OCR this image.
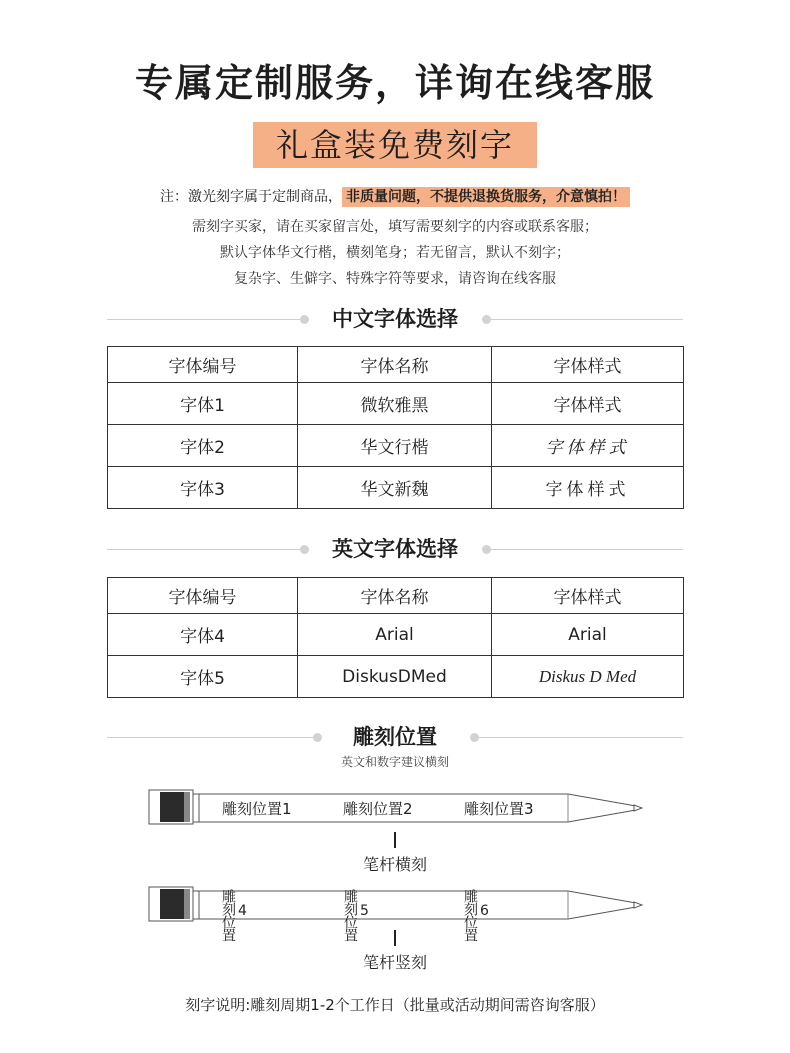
专属定制服务，详询在线客服
礼盒装免费刻字
注：激光刻字属于定制商品， 非质量问题，不提供退换货服务，介意慎拍！
需刻字买家，请在买家留言处，填写需要刻字的内容或联系客服；
默认字体华文行楷，横刻笔身；若无留言，默认不刻字；
复杂字、生僻字、特殊字符等要求，请咨询在线客服
中文字体选择
字体编号	字体名称	字体样式
字体1	微软雅黑	字体样式
字体2	华文行楷	字体样式
字体3	华文新魏	字体样式
英文字体选择
字体编号	字体名称	字体样式
字体4	Arial	Arial
字体5	DiskusDMed	Diskus D Med
雕刻位置
英文和数字建议横刻
雕刻位置1	雕刻位置2	雕刻位置3
笔杆横刻
雕刻位置 4	雕刻位置 5	雕刻位置 6
笔杆竖刻
刻字说明:雕刻周期1-2个工作日（批量或活动期间需咨询客服）
